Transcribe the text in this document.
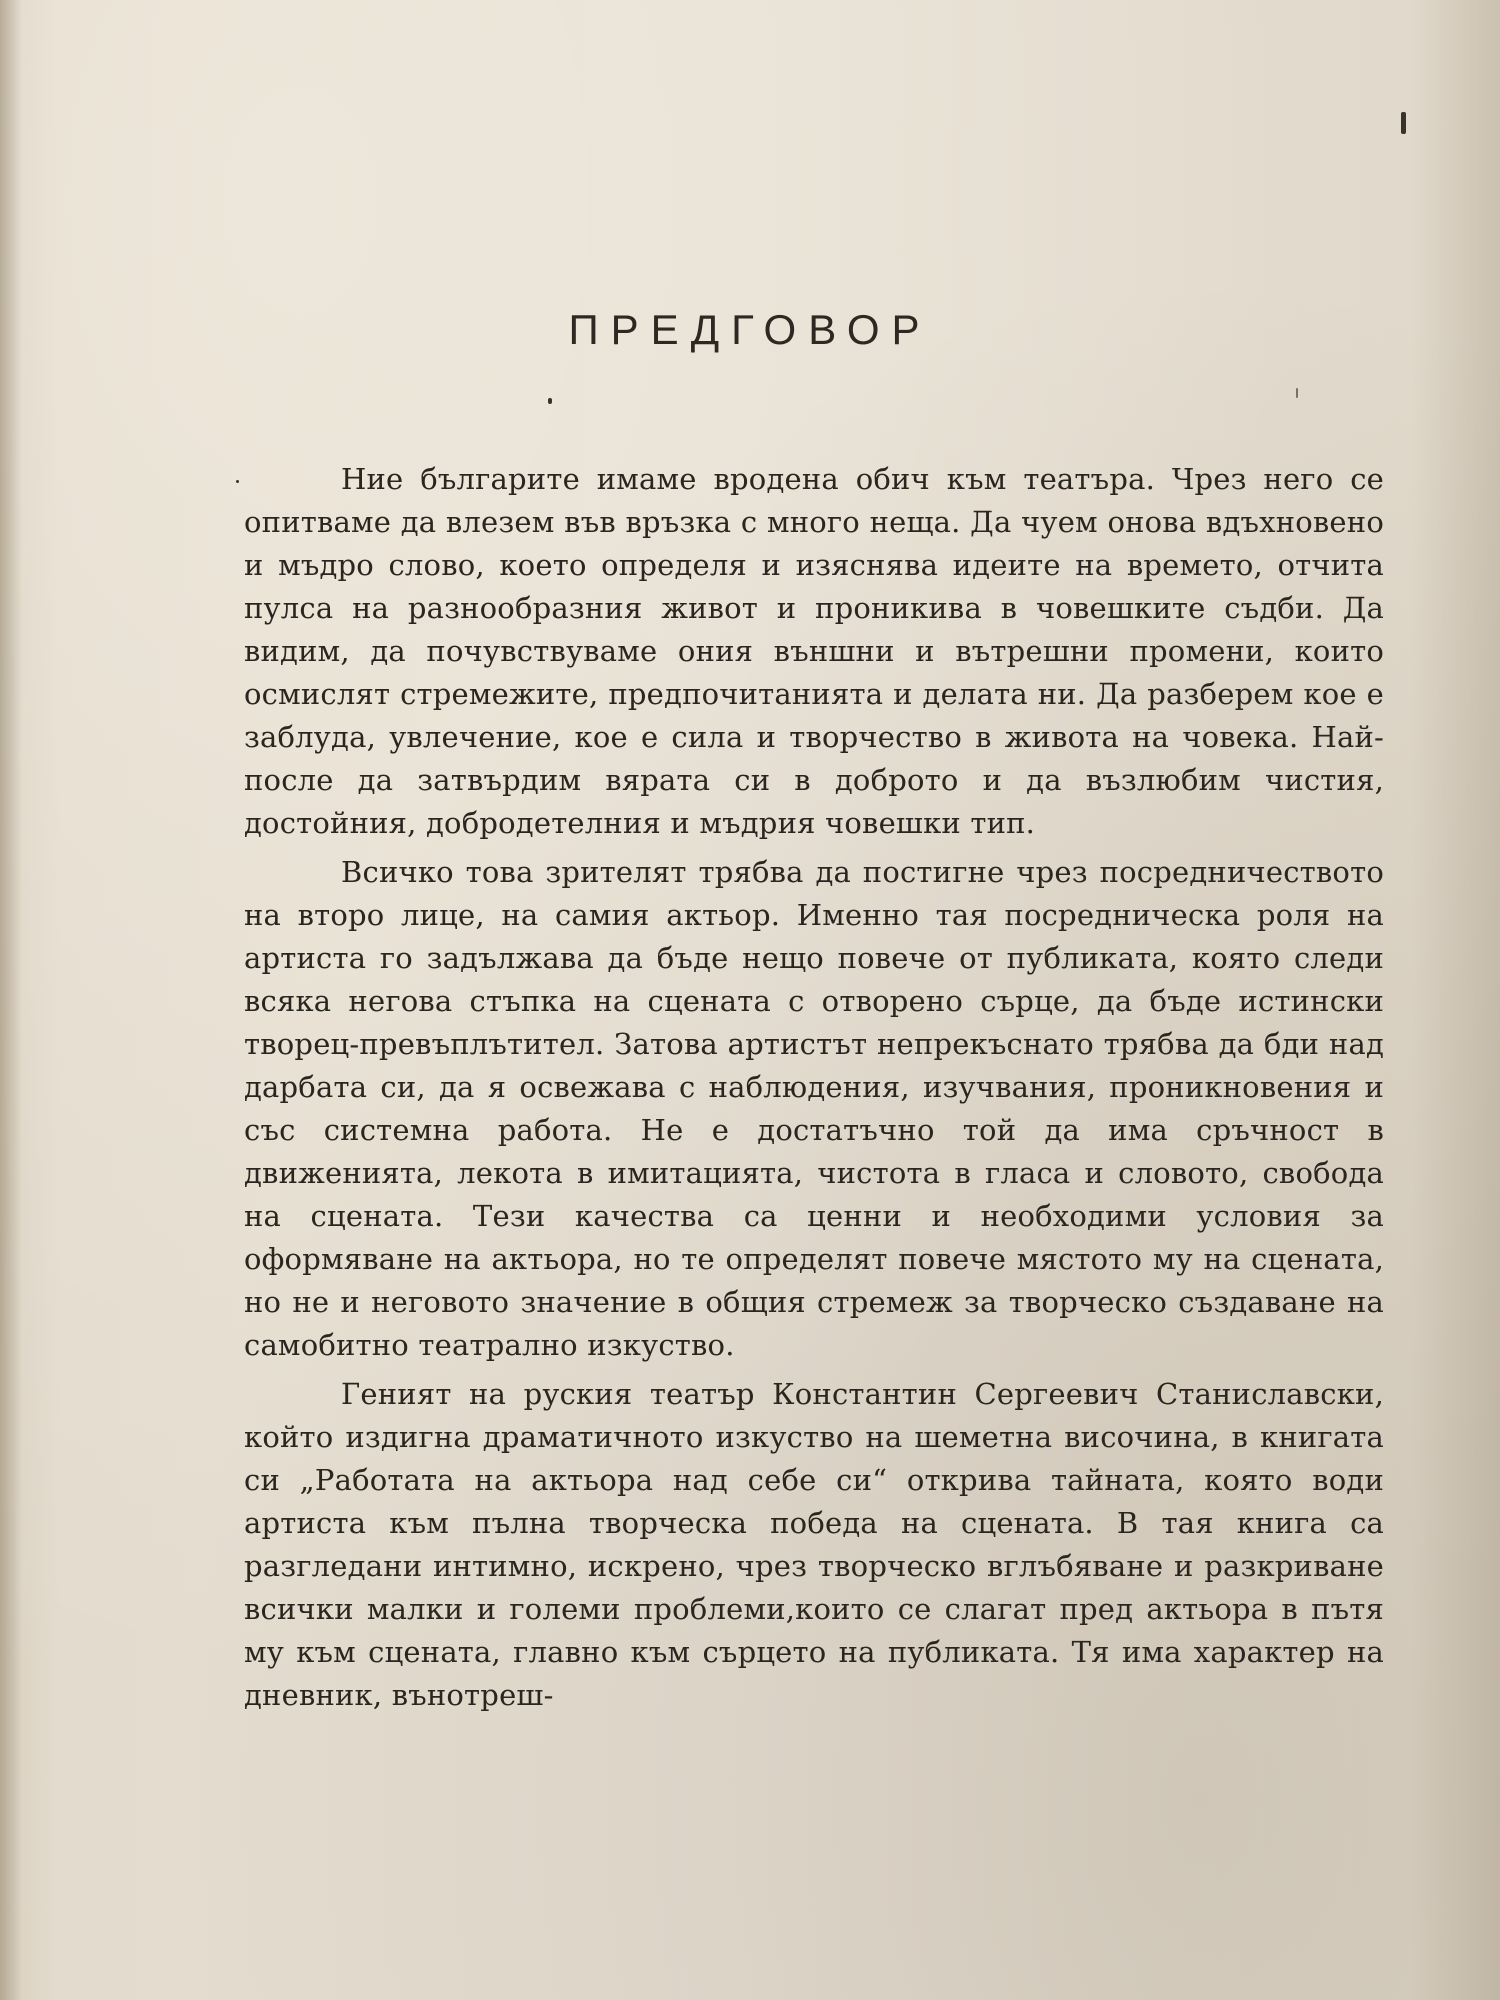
ПРЕДГОВОР

Ние българите имаме вродена обич към театъра. Чрез него се опитваме да влезем във връзка с много неща. Да чуем онова вдъхновено и мъдро слово, което определя и изяснява идеите на времето, отчита пулса на разнообразния живот и проникива в човешките съдби. Да видим, да почувствуваме ония външни и вътрешни промени, които осмислят стремежите, предпочитанията и делата ни. Да разберем кое е заблуда, увлечение, кое е сила и творчество в живота на човека. Най-после да затвърдим вярата си в доброто и да възлюбим чистия, достойния, добродетелния и мъдрия човешки тип.

Всичко това зрителят трябва да постигне чрез посредничеството на второ лице, на самия актьор. Именно тая посредническа роля на артиста го задължава да бъде нещо повече от публиката, която следи всяка негова стъпка на сцената с отворено сърце, да бъде истински творец-превъплътител. Затова артистът непрекъснато трябва да бди над дарбата си, да я освежава с наблюдения, изучвания, проникновения и със системна работа. Не е достатъчно той да има сръчност в движенията, лекота в имитацията, чистота в гласа и словото, свобода на сцената. Тези качества са ценни и необходими условия за оформяване на актьора, но те определят повече мястото му на сцената, но не и неговото значение в общия стремеж за творческо създаване на самобитно театрално изкуство.

Геният на руския театър Константин Сергеевич Станиславски, който издигна драматичното изкуство на шеметна височина, в книгата си „Работата на актьора над себе си“ открива тайната, която води артиста към пълна творческа победа на сцената. В тая книга са разгледани интимно, искрено, чрез творческо вглъбяване и разкриване всички малки и големи проблеми,които се слагат пред актьора в пътя му към сцената, главно към сърцето на публиката. Тя има характер на дневник, вънотреш-
